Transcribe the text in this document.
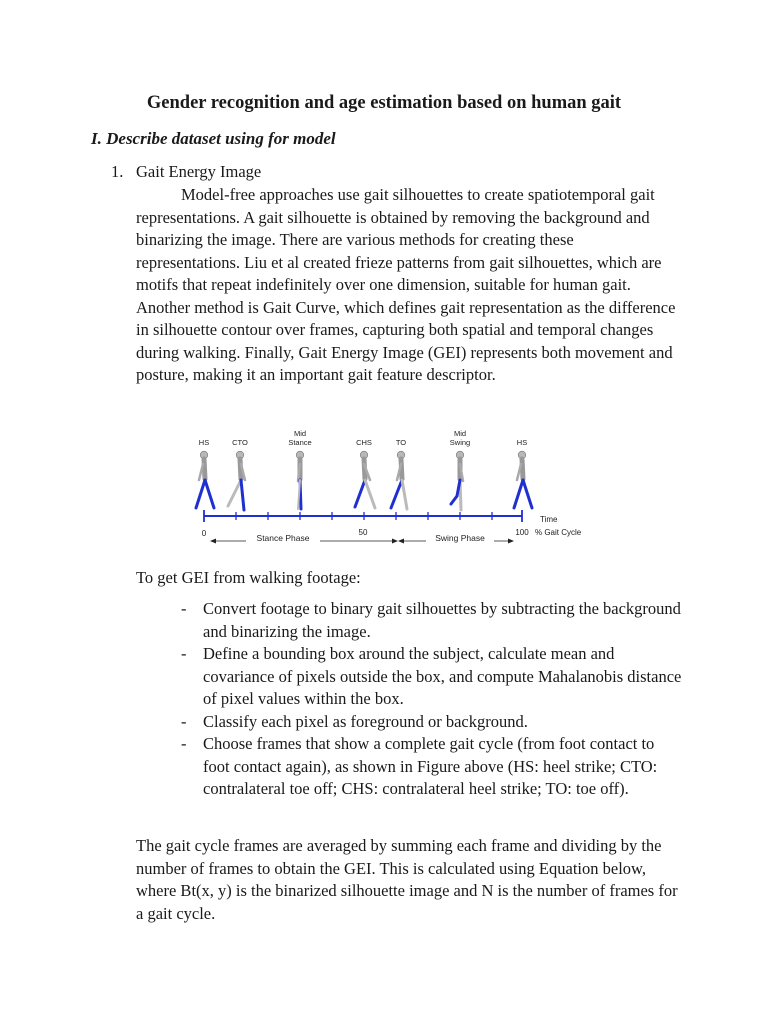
Gender recognition and age estimation based on human gait
I. Describe dataset using for model
1. Gait Energy Image

Model-free approaches use gait silhouettes to create spatiotemporal gait representations. A gait silhouette is obtained by removing the background and binarizing the image. There are various methods for creating these representations. Liu et al created frieze patterns from gait silhouettes, which are motifs that repeat indefinitely over one dimension, suitable for human gait. Another method is Gait Curve, which defines gait representation as the difference in silhouette contour over frames, capturing both spatial and temporal changes during walking. Finally, Gait Energy Image (GEI) represents both movement and posture, making it an important gait feature descriptor.

Mid	Mid
HS	CTO	Stance	CHS	TO	Swing	HS
Time
0	50	100 % Gait Cycle
Stance Phase	Swing Phase

To get GEI from walking footage:

- Convert footage to binary gait silhouettes by subtracting the background and binarizing the image.
- Define a bounding box around the subject, calculate mean and covariance of pixels outside the box, and compute Mahalanobis distance of pixel values within the box.
- Classify each pixel as foreground or background.
- Choose frames that show a complete gait cycle (from foot contact to foot contact again), as shown in Figure above (HS: heel strike; CTO: contralateral toe off; CHS: contralateral heel strike; TO: toe off).

The gait cycle frames are averaged by summing each frame and dividing by the number of frames to obtain the GEI. This is calculated using Equation below, where Bt(x, y) is the binarized silhouette image and N is the number of frames for a gait cycle.
